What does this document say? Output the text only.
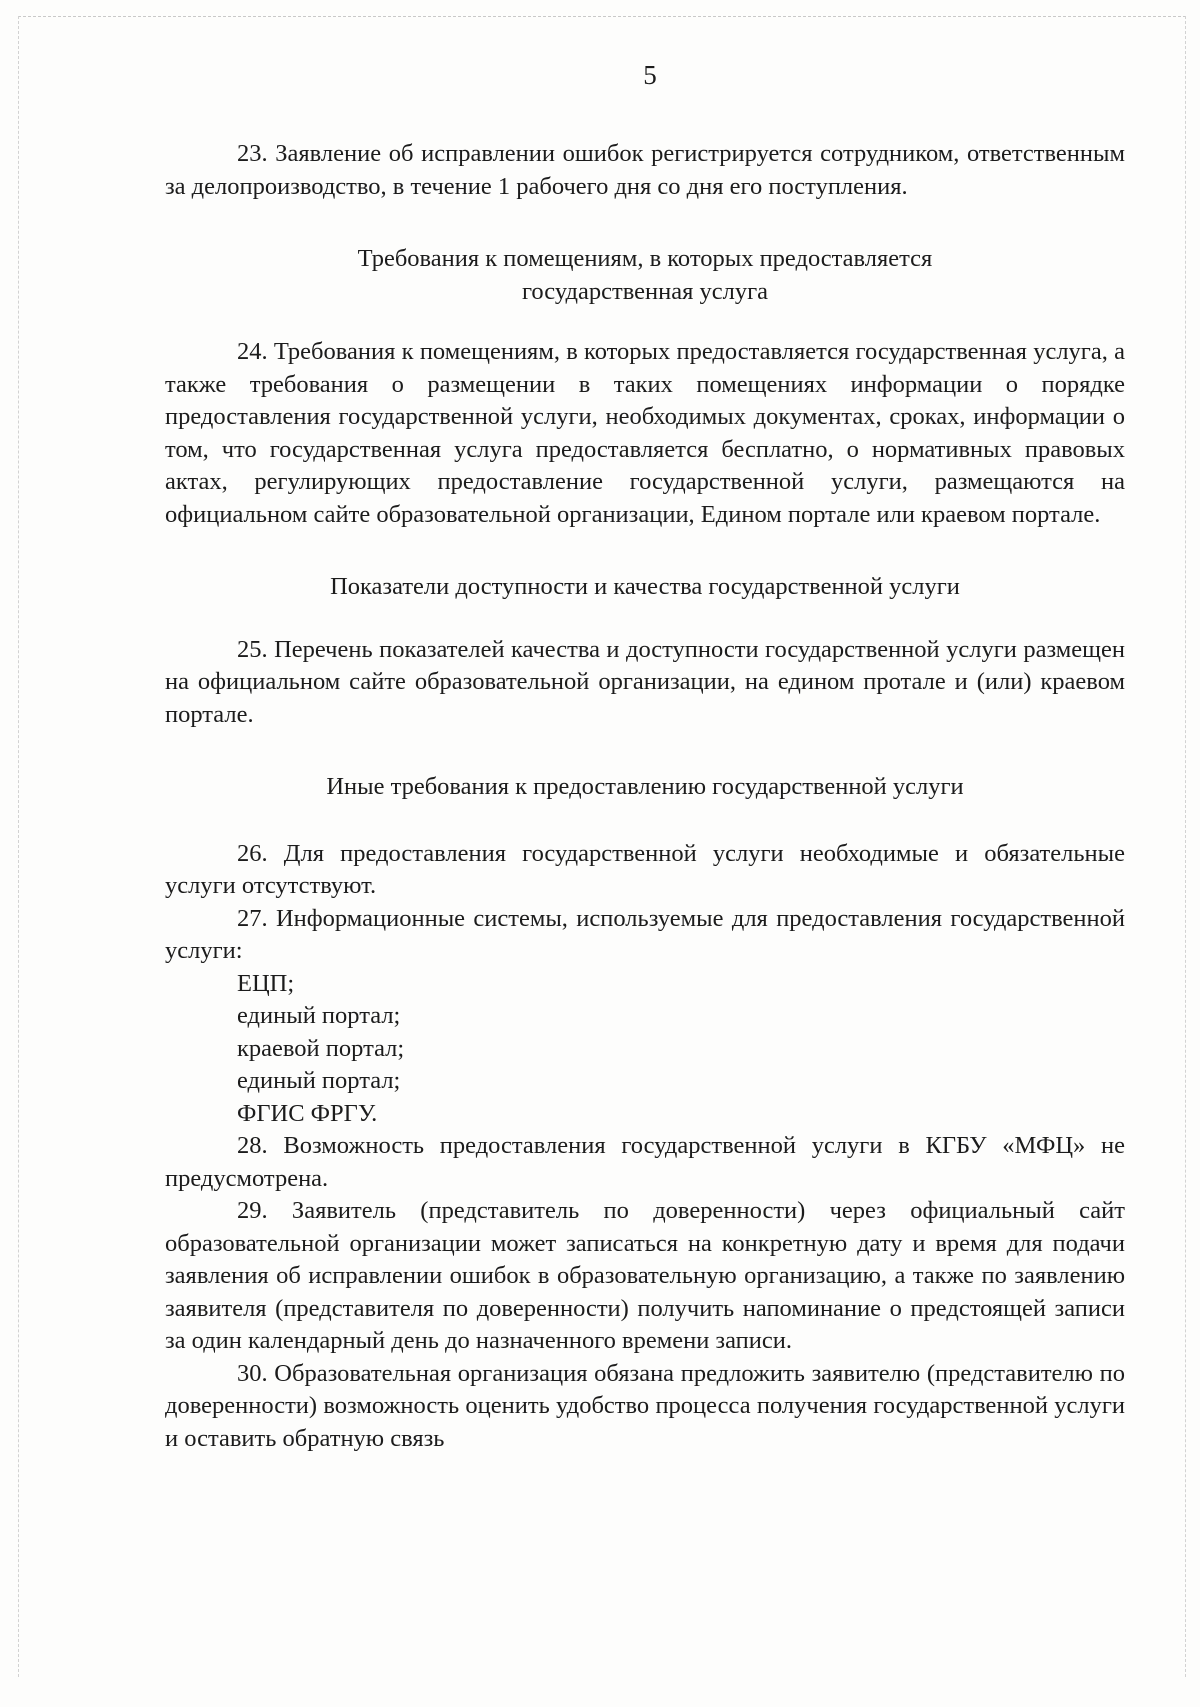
5

23. Заявление об исправлении ошибок регистрируется сотрудником, ответственным за делопроизводство, в течение 1 рабочего дня со дня его поступления.

Требования к помещениям, в которых предоставляется
государственная услуга

24. Требования к помещениям, в которых предоставляется государственная услуга, а также требования о размещении в таких помещениях информации о порядке предоставления государственной услуги, необходимых документах, сроках, информации о том, что государственная услуга предоставляется бесплатно, о нормативных правовых актах, регулирующих предоставление государственной услуги, размещаются на официальном сайте образовательной организации, Едином портале или краевом портале.

Показатели доступности и качества государственной услуги

25. Перечень показателей качества и доступности государственной услуги размещен на официальном сайте образовательной организации, на едином протале и (или) краевом портале.

Иные требования к предоставлению государственной услуги

26. Для предоставления государственной услуги необходимые и обязательные услуги отсутствуют.

27. Информационные системы, используемые для предоставления государственной услуги:

ЕЦП;
единый портал;
краевой портал;
единый портал;
ФГИС ФРГУ.

28. Возможность предоставления государственной услуги в КГБУ «МФЦ» не предусмотрена.

29. Заявитель (представитель по доверенности) через официальный сайт образовательной организации может записаться на конкретную дату и время для подачи заявления об исправлении ошибок в образовательную организацию, а также по заявлению заявителя (представителя по доверенности) получить напоминание о предстоящей записи за один календарный день до назначенного времени записи.

30. Образовательная организация обязана предложить заявителю (представителю по доверенности) возможность оценить удобство процесса получения государственной услуги и оставить обратную связь
